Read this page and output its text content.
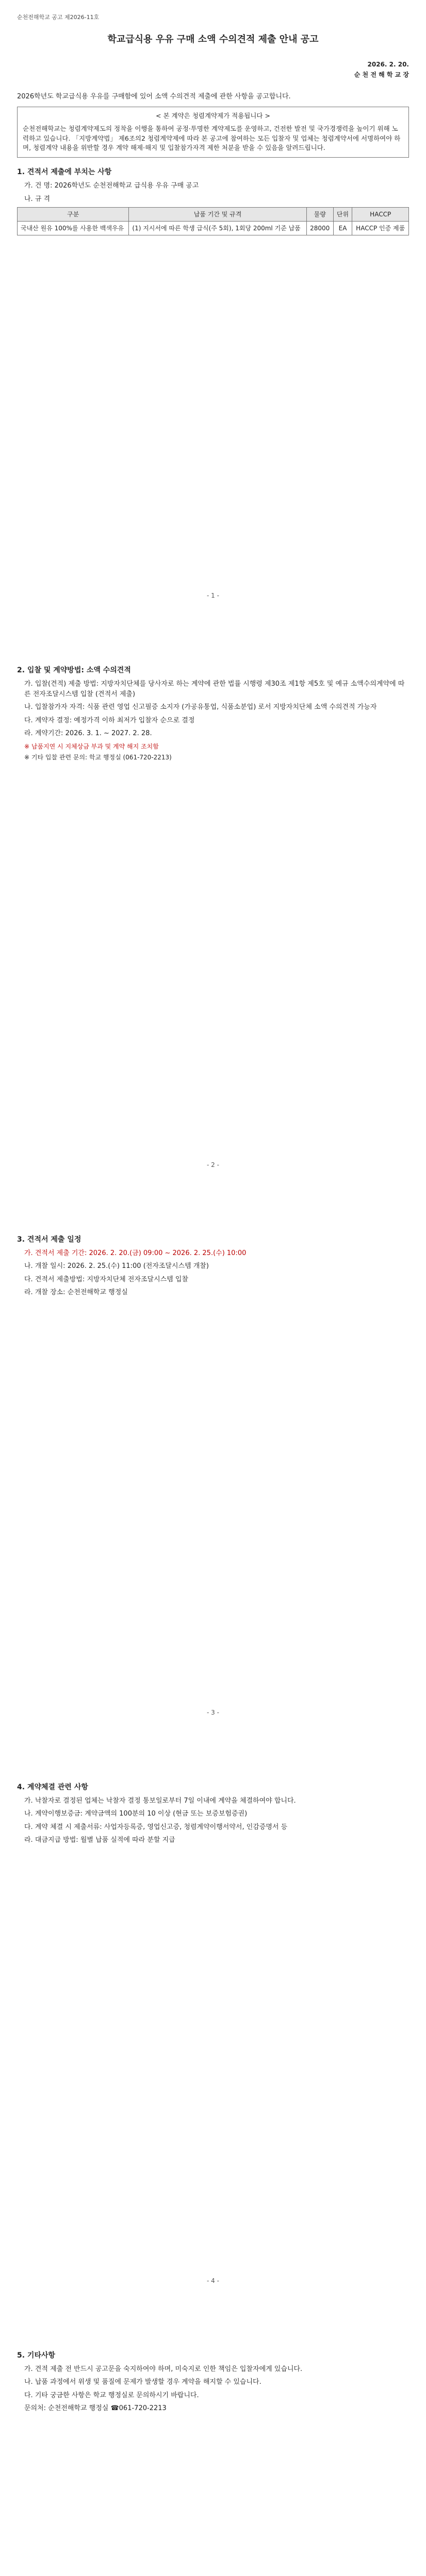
순천전해학교 공고 제2026-11호
학교급식용 우유 구매 소액 수의견적 제출 안내 공고
2026. 2. 20.
순 천 전 해 학 교 장

2026학년도 학교급식용 우유를 구매함에 있어 소액 수의견적 제출에 관한 사항을 공고합니다.

< 본 계약은 청렴계약제가 적용됩니다 >
순천전해학교는 청렴계약제도의 정착을 이행을 통하여 공정·투명한 계약제도를 운영하고, 건전한 발전 및 국가경쟁력을 높이기 위해 노력하고 있습니다. 「지방계약법」 제6조의2 청렴계약제에 따라 본 공고에 참여하는 모든 입찰자 및 업체는 청렴계약서에 서명하여야 하며, 청렴계약 내용을 위반할 경우 계약 해제·해지 및 입찰참가자격 제한 처분을 받을 수 있음을 알려드립니다.
1. 견적서 제출에 부치는 사항

가. 건 명: 2026학년도 순천전해학교 급식용 우유 구매 공고

나. 규 격

구분	납품 기간 및 규격	물량	단위	HACCP
국내산 원유 100%를 사용한 백색우유	(1) 지시서에 따른 학생 급식(주 5회), 1회당 200ml 기준 납품	28000	EA	HACCP 인증 제품
- 1 -
2. 입찰 및 계약방법: 소액 수의견적

가. 입찰(견적) 제출 방법: 지방자치단체를 당사자로 하는 계약에 관한 법률 시행령 제30조 제1항 제5호 및 예규 소액수의계약에 따른 전자조달시스템 입찰 (견적서 제출)

나. 입찰참가자 자격: 식품 관련 영업 신고필증 소지자 (가공유통업, 식품소분업) 로서 지방자치단체 소액 수의견적 가능자

다. 계약자 결정: 예정가격 이하 최저가 입찰자 순으로 결정

라. 계약기간: 2026. 3. 1. ~ 2027. 2. 28.

※ 납품지연 시 지체상금 부과 및 계약 해지 조치함

※ 기타 입찰 관련 문의: 학교 행정실 (061-720-2213)

- 2 -
3. 견적서 제출 일정

가. 견적서 제출 기간: 2026. 2. 20.(금) 09:00 ~ 2026. 2. 25.(수) 10:00

나. 개찰 일시: 2026. 2. 25.(수) 11:00 (전자조달시스템 개찰)

다. 견적서 제출방법: 지방자치단체 전자조달시스템 입찰

라. 개찰 장소: 순천전해학교 행정실

- 3 -
4. 계약체결 관련 사항

가. 낙찰자로 결정된 업체는 낙찰자 결정 통보일로부터 7일 이내에 계약을 체결하여야 합니다.

나. 계약이행보증금: 계약금액의 100분의 10 이상 (현금 또는 보증보험증권)

다. 계약 체결 시 제출서류: 사업자등록증, 영업신고증, 청렴계약이행서약서, 인감증명서 등

라. 대금지급 방법: 월별 납품 실적에 따라 분할 지급

- 4 -
5. 기타사항

가. 견적 제출 전 반드시 공고문을 숙지하여야 하며, 미숙지로 인한 책임은 입찰자에게 있습니다.

나. 납품 과정에서 위생 및 품질에 문제가 발생할 경우 계약을 해지할 수 있습니다.

다. 기타 궁금한 사항은 학교 행정실로 문의하시기 바랍니다.

문의처: 순천전해학교 행정실 ☎061-720-2213
